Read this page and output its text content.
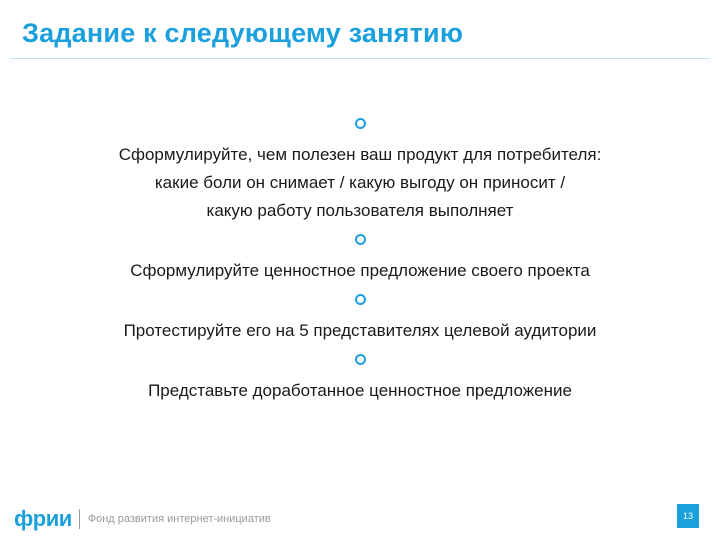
Задание к следующему занятию
Сформулируйте, чем полезен ваш продукт для потребителя:
какие боли он снимает / какую выгоду он приносит /
какую работу пользователя выполняет
Сформулируйте ценностное предложение своего проекта
Протестируйте его на 5 представителях целевой аудитории
Представьте доработанное ценностное предложение
фрии Фонд развития интернет-инициатив	13
